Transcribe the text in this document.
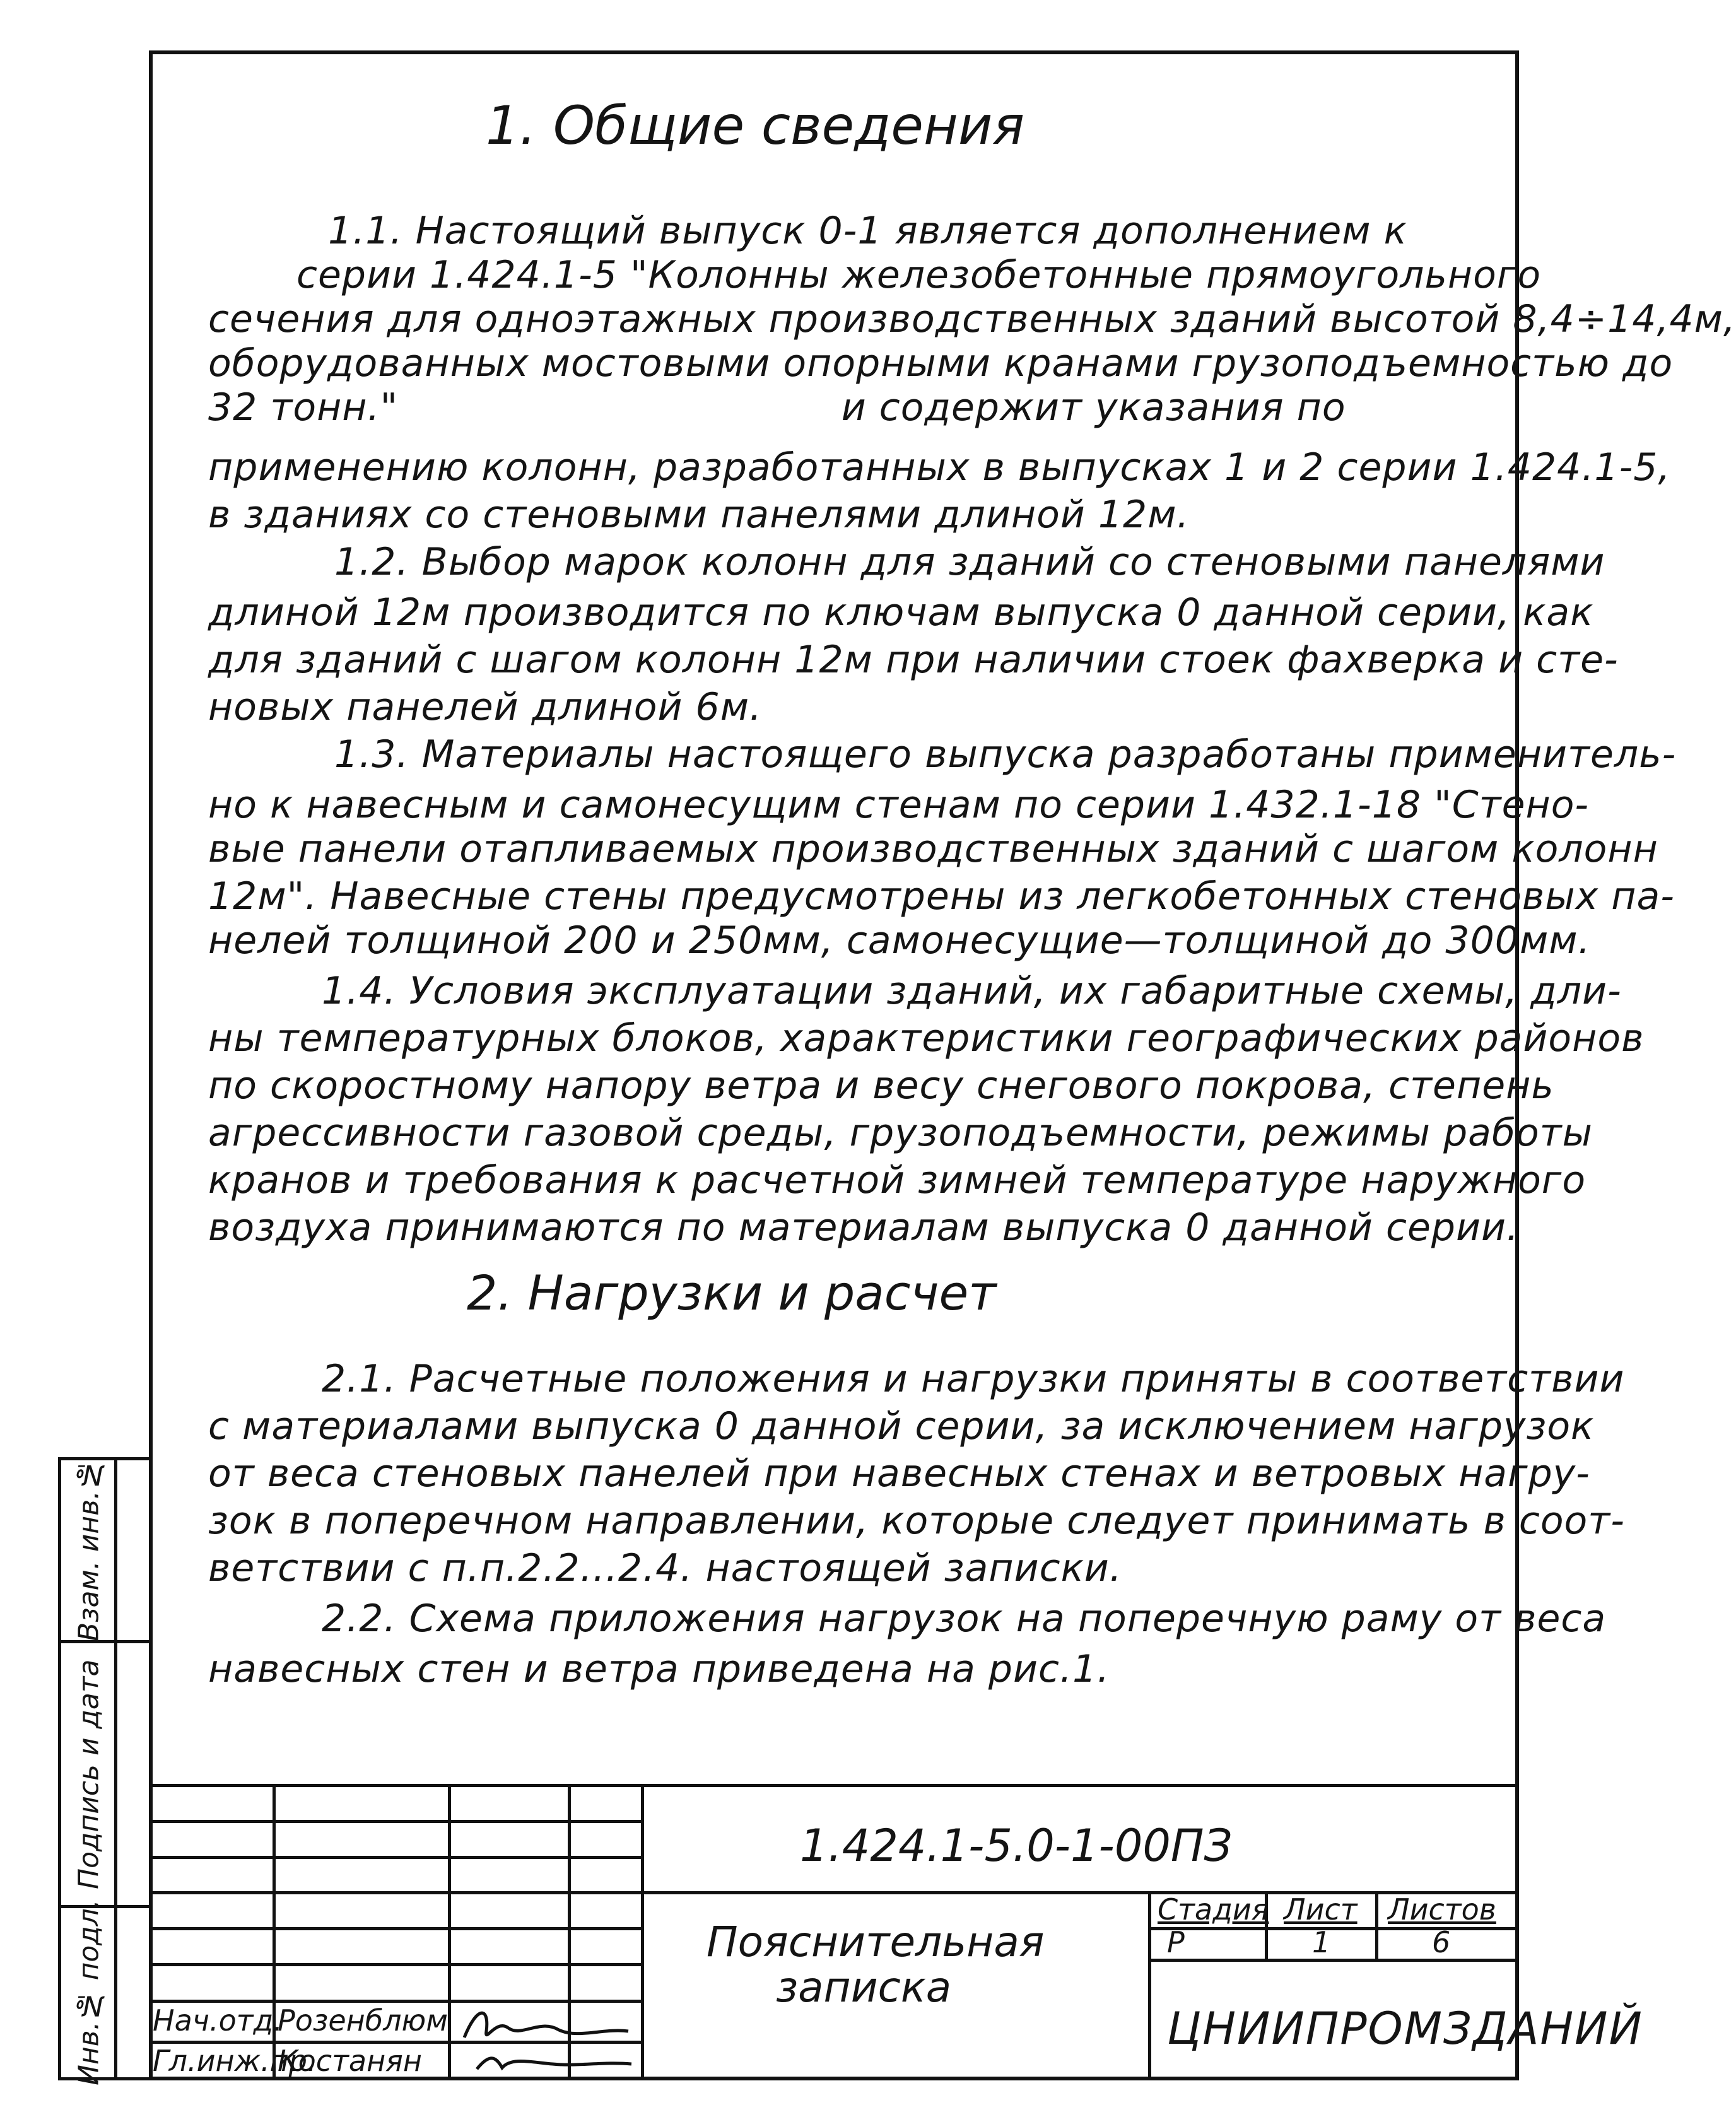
1. Общие сведения
1.1. Настоящий выпуск 0-1 является дополнением к
серии 1.424.1-5 "Колонны железобетонные прямоугольного
сечения для одноэтажных производственных зданий высотой 8,4÷14,4м,
оборудованных мостовыми опорными кранами грузоподъемностью до
32 тонн."                                   и содержит указания по
применению колонн, разработанных в выпусках 1 и 2 серии 1.424.1-5,
в зданиях со стеновыми панелями длиной 12м.
1.2. Выбор марок колонн для зданий со стеновыми панелями
длиной 12м производится по ключам выпуска 0 данной серии, как
для зданий с шагом колонн 12м при наличии стоек фахверка и сте-
новых панелей длиной 6м.
1.3. Материалы настоящего выпуска разработаны применитель-
но к навесным и самонесущим стенам по серии 1.432.1-18 "Стено-
вые панели отапливаемых производственных зданий с шагом колонн
12м". Навесные стены предусмотрены из легкобетонных стеновых па-
нелей толщиной 200 и 250мм, самонесущие—толщиной до 300мм.
1.4. Условия эксплуатации зданий, их габаритные схемы, дли-
ны температурных блоков, характеристики географических районов
по скоростному напору ветра и весу снегового покрова, степень
агрессивности газовой среды, грузоподъемности, режимы работы
кранов и требования к расчетной зимней температуре наружного
воздуха принимаются по материалам выпуска 0 данной серии.
2. Нагрузки и расчет
2.1. Расчетные положения и нагрузки приняты в соответствии
с материалами выпуска 0 данной серии, за исключением нагрузок
от веса стеновых панелей при навесных стенах и ветровых нагру-
зок в поперечном направлении, которые следует принимать в соот-
ветствии с п.п.2.2...2.4. настоящей записки.
2.2. Схема приложения нагрузок на поперечную раму от веса
навесных стен и ветра приведена на рис.1.
Взам. инв.№
Подпись и дата
Инв.№ подл.
1.424.1-5.0-1-00ПЗ
Пояснительная
записка
Стадия Лист Листов
Р	1	6
ЦНИИПРОМЗДАНИЙ
Нач.отд.
Розенблюм
Гл.инж.пр.
Костанян
